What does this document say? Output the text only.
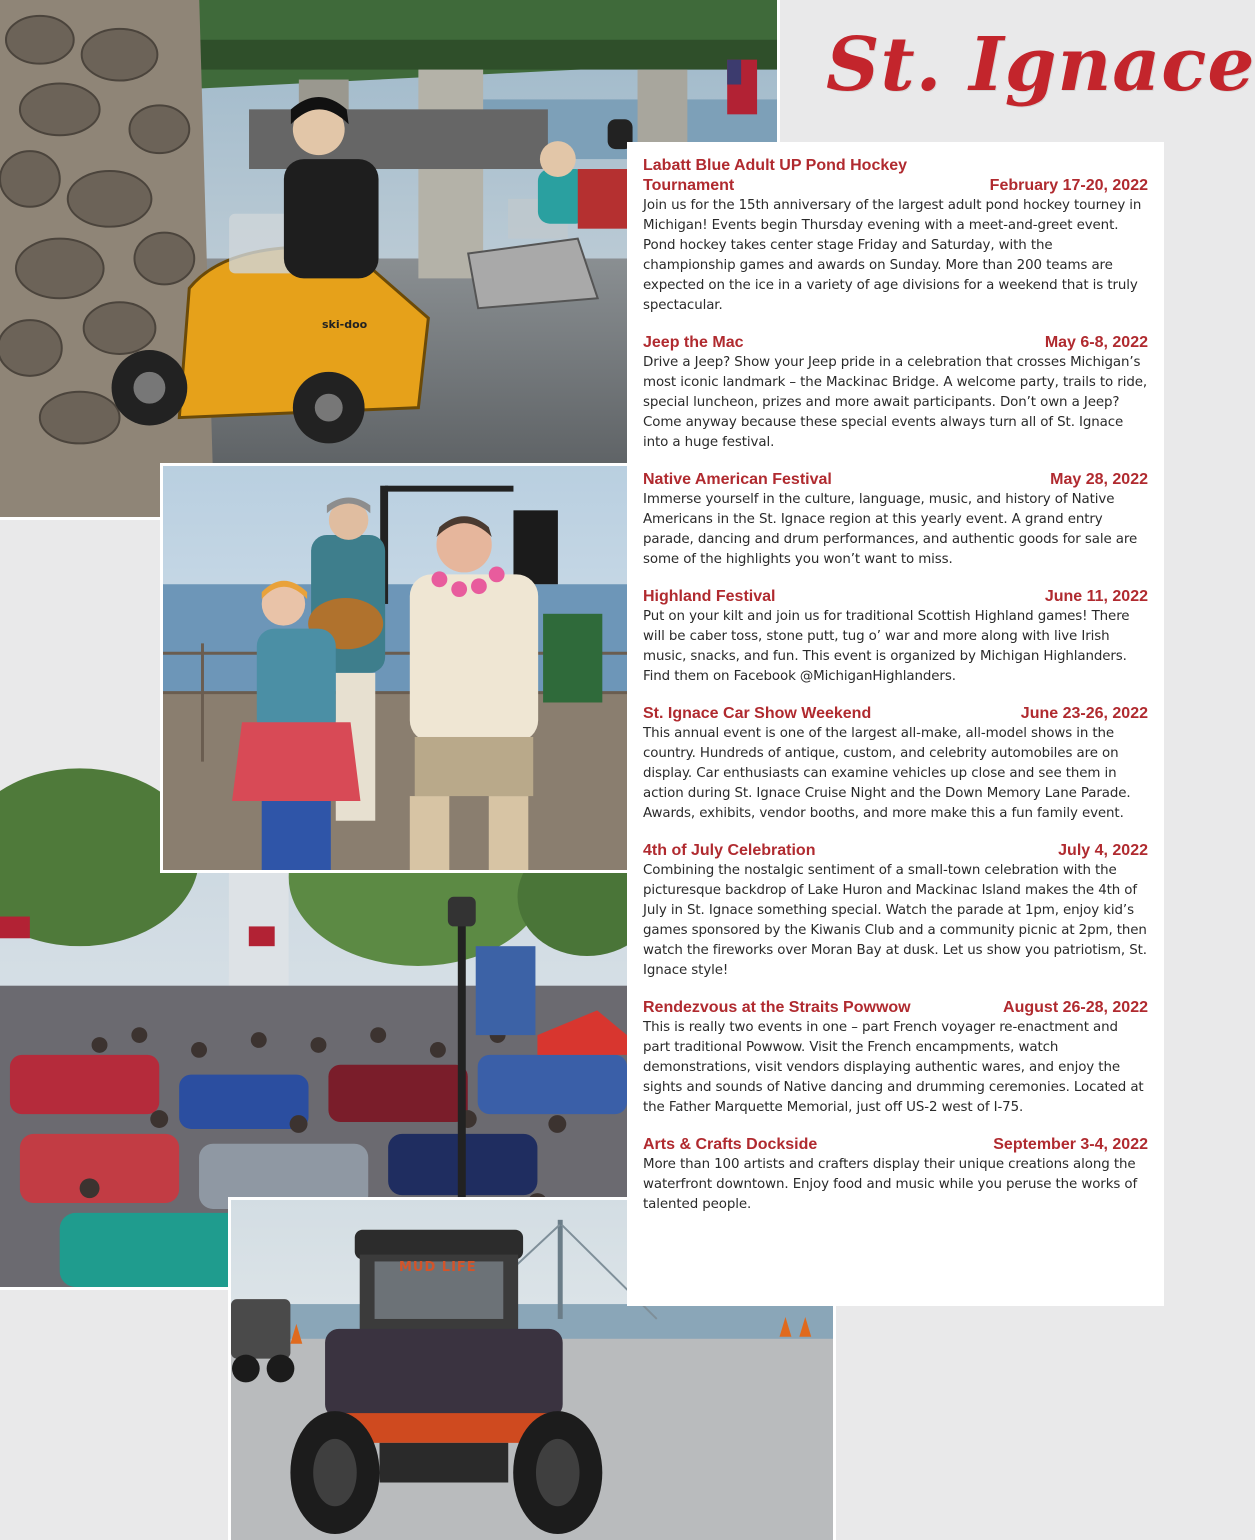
ski-doo
MUD LIFE
St. Ignace
Labatt Blue Adult UP Pond Hockey Tournament	February 17-20, 2022

Join us for the 15th anniversary of the largest adult pond hockey tourney in Michigan! Events begin Thursday evening with a meet-and-greet event. Pond hockey takes center stage Friday and Saturday, with the championship games and awards on Sunday. More than 200 teams are expected on the ice in a variety of age divisions for a weekend that is truly spectacular.

Jeep the Mac	May 6-8, 2022

Drive a Jeep? Show your Jeep pride in a celebration that crosses Michigan’s most iconic landmark – the Mackinac Bridge. A welcome party, trails to ride, special luncheon, prizes and more await participants. Don’t own a Jeep? Come anyway because these special events always turn all of St. Ignace into a huge festival.

Native American Festival	May 28, 2022

Immerse yourself in the culture, language, music, and history of Native Americans in the St. Ignace region at this yearly event. A grand entry parade, dancing and drum performances, and authentic goods for sale are some of the highlights you won’t want to miss.

Highland Festival	June 11, 2022

Put on your kilt and join us for traditional Scottish Highland games! There will be caber toss, stone putt, tug o’ war and more along with live Irish music, snacks, and fun. This event is organized by Michigan Highlanders. Find them on Facebook @MichiganHighlanders.

St. Ignace Car Show Weekend	June 23-26, 2022

This annual event is one of the largest all-make, all-model shows in the country. Hundreds of antique, custom, and celebrity automobiles are on display. Car enthusiasts can examine vehicles up close and see them in action during St. Ignace Cruise Night and the Down Memory Lane Parade. Awards, exhibits, vendor booths, and more make this a fun family event.

4th of July Celebration	July 4, 2022

Combining the nostalgic sentiment of a small-town celebration with the picturesque backdrop of Lake Huron and Mackinac Island makes the 4th of July in St. Ignace something special. Watch the parade at 1pm, enjoy kid’s games sponsored by the Kiwanis Club and a community picnic at 2pm, then watch the fireworks over Moran Bay at dusk. Let us show you patriotism, St. Ignace style!

Rendezvous at the Straits Powwow	August 26-28, 2022

This is really two events in one – part French voyager re-enactment and part traditional Powwow. Visit the French encampments, watch demonstrations, visit vendors displaying authentic wares, and enjoy the sights and sounds of Native dancing and drumming ceremonies. Located at the Father Marquette Memorial, just off US-2 west of I-75.

Arts & Crafts Dockside	September 3-4, 2022

More than 100 artists and crafters display their unique creations along the waterfront downtown. Enjoy food and music while you peruse the works of talented people.
